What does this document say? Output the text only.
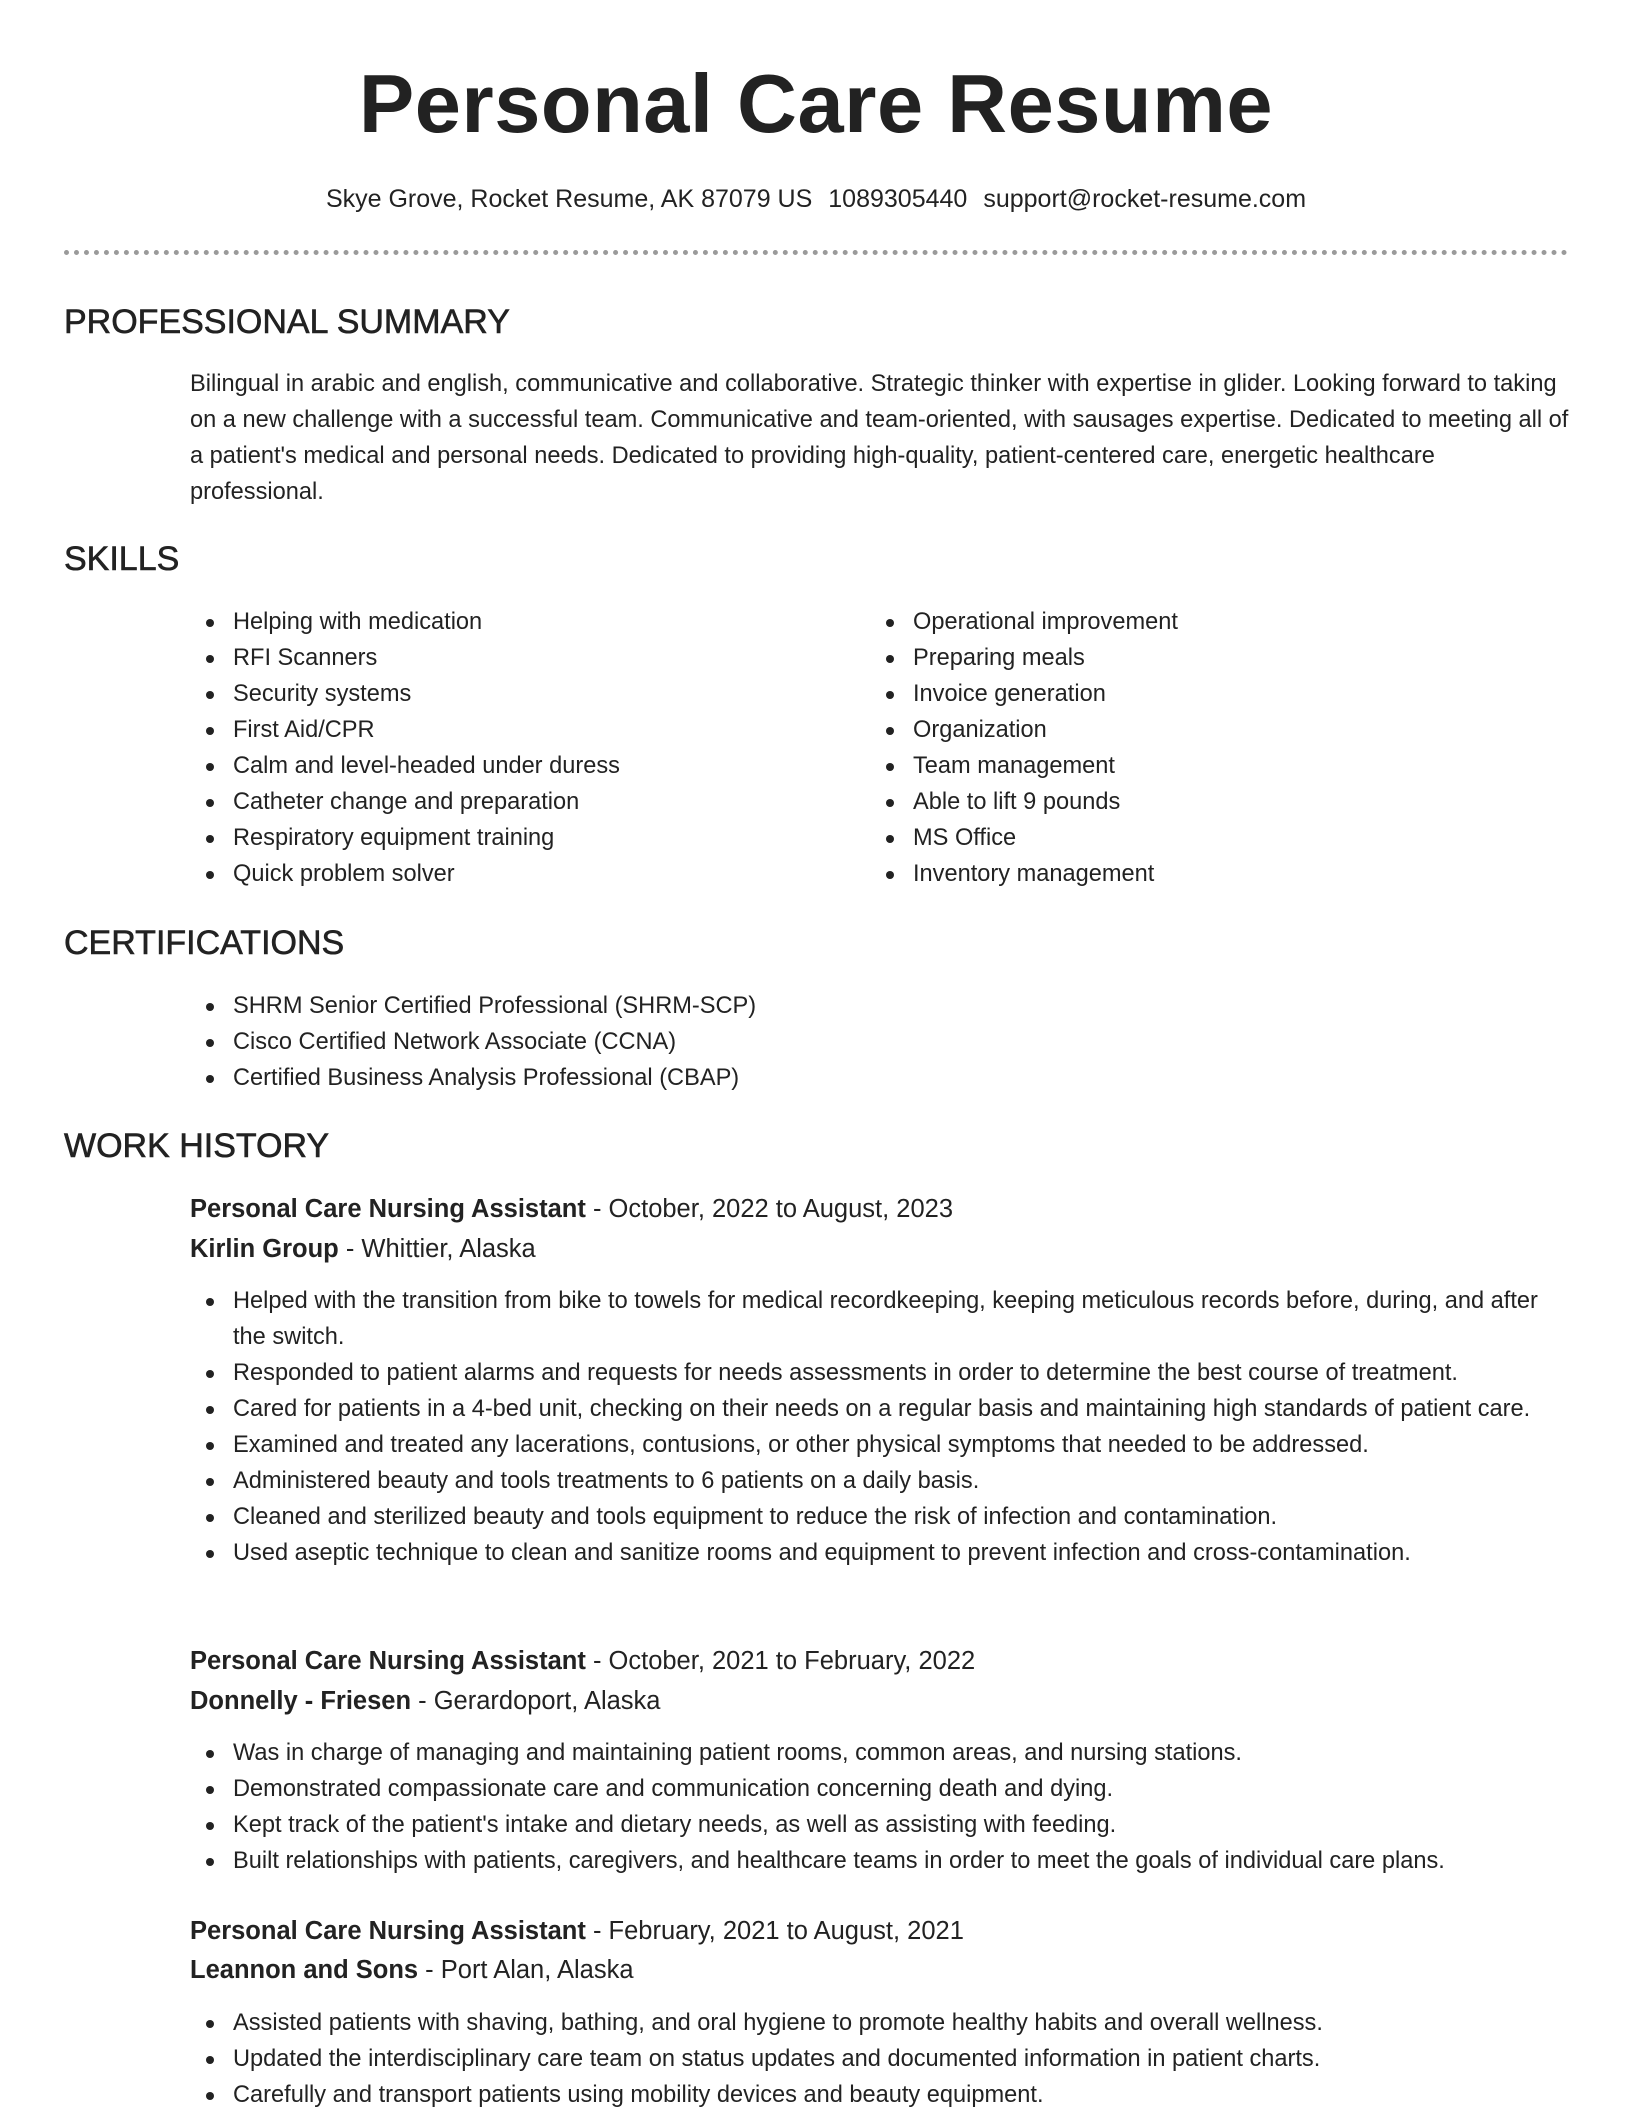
Personal Care Resume
Skye Grove, Rocket Resume, AK 87079 US 1089305440 support@rocket-resume.com
PROFESSIONAL SUMMARY

Bilingual in arabic and english, communicative and collaborative. Strategic thinker with expertise in glider. Looking forward to taking on a new challenge with a successful team. Communicative and team-oriented, with sausages expertise. Dedicated to meeting all of a patient's medical and personal needs. Dedicated to providing high-quality, patient-centered care, energetic healthcare professional.

SKILLS
Helping with medication
RFI Scanners
Security systems
First Aid/CPR
Calm and level-headed under duress
Catheter change and preparation
Respiratory equipment training
Quick problem solver
Operational improvement
Preparing meals
Invoice generation
Organization
Team management
Able to lift 9 pounds
MS Office
Inventory management
CERTIFICATIONS
SHRM Senior Certified Professional (SHRM-SCP)
Cisco Certified Network Associate (CCNA)
Certified Business Analysis Professional (CBAP)
WORK HISTORY
Personal Care Nursing Assistant - October, 2022 to August, 2023
Kirlin Group - Whittier, Alaska
Helped with the transition from bike to towels for medical recordkeeping, keeping meticulous records before, during, and after the switch.
Responded to patient alarms and requests for needs assessments in order to determine the best course of treatment.
Cared for patients in a 4-bed unit, checking on their needs on a regular basis and maintaining high standards of patient care.
Examined and treated any lacerations, contusions, or other physical symptoms that needed to be addressed.
Administered beauty and tools treatments to 6 patients on a daily basis.
Cleaned and sterilized beauty and tools equipment to reduce the risk of infection and contamination.
Used aseptic technique to clean and sanitize rooms and equipment to prevent infection and cross-contamination.
Personal Care Nursing Assistant - October, 2021 to February, 2022
Donnelly - Friesen - Gerardoport, Alaska
Was in charge of managing and maintaining patient rooms, common areas, and nursing stations.
Demonstrated compassionate care and communication concerning death and dying.
Kept track of the patient's intake and dietary needs, as well as assisting with feeding.
Built relationships with patients, caregivers, and healthcare teams in order to meet the goals of individual care plans.
Personal Care Nursing Assistant - February, 2021 to August, 2021
Leannon and Sons - Port Alan, Alaska
Assisted patients with shaving, bathing, and oral hygiene to promote healthy habits and overall wellness.
Updated the interdisciplinary care team on status updates and documented information in patient charts.
Carefully and transport patients using mobility devices and beauty equipment.
